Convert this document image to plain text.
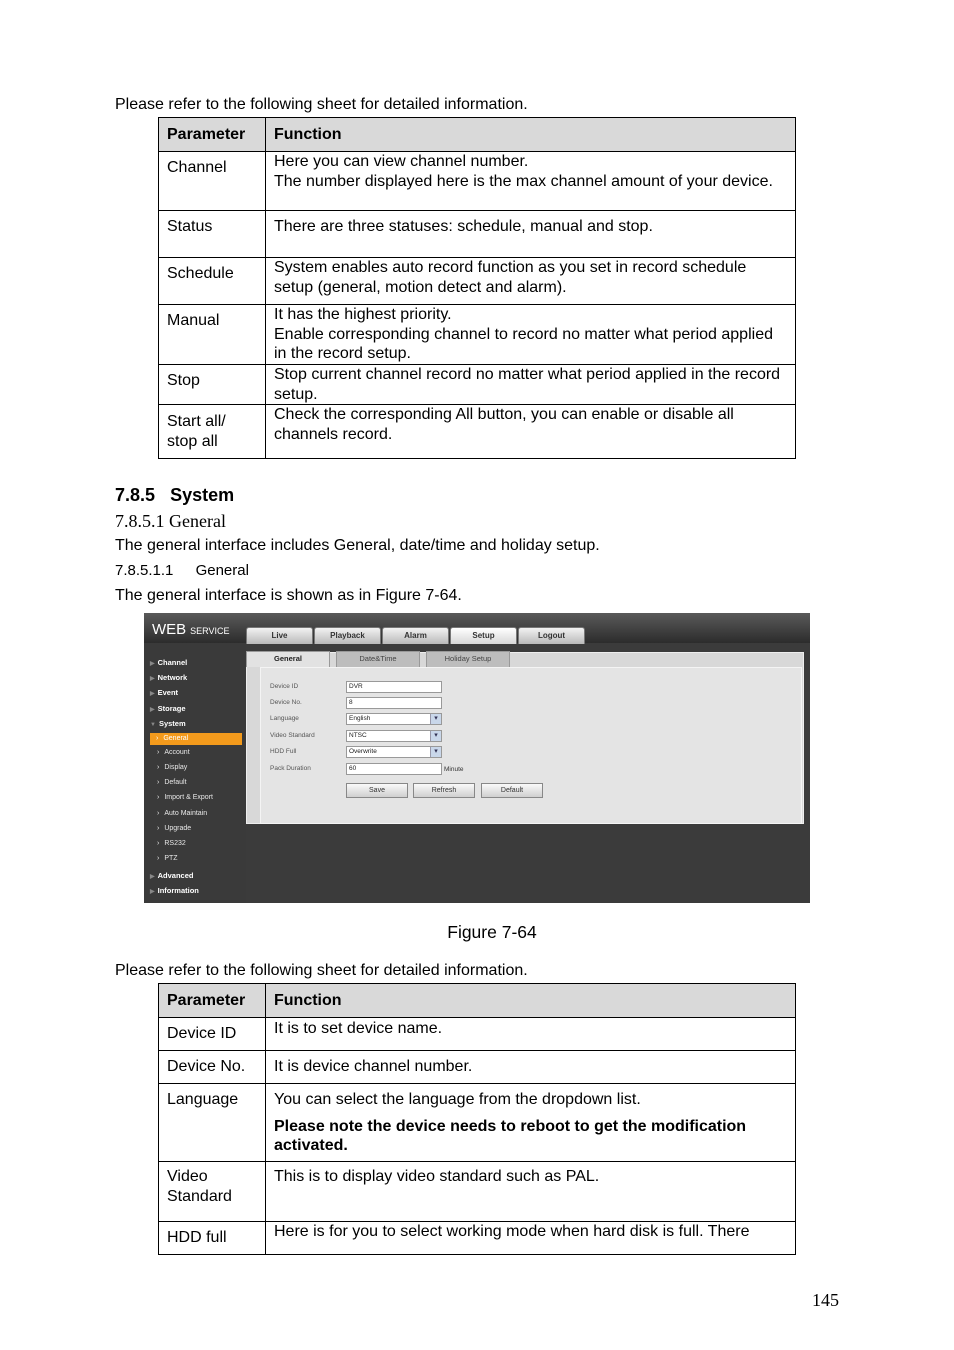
Please refer to the following sheet for detailed information.
Parameter	Function
Channel	Here you can view channel number.
The number displayed here is the max channel amount of your device.

Status	There are three statuses: schedule, manual and stop.
Schedule	System enables auto record function as you set in record schedule setup (general, motion detect and alarm).
Manual	It has the highest priority.
Enable corresponding channel to record no matter what period applied in the record setup.

Stop	Stop current channel record no matter what period applied in the record setup.
Start all/ stop all	Check the corresponding All button, you can enable or disable all channels record.
7.8.5 System
7.8.5.1 General
The general interface includes General, date/time and holiday setup.
7.8.5.1.1 General
The general interface is shown as in Figure 7-64.
WEB SERVICE	Live	Playback	Alarm	Setup	Logout
▶ Channel
▶ Network
▶ Event
▶ Storage
▼ System
› General
› Account
› Display
› Default
› Import & Export
› Auto Maintain
› Upgrade
› RS232
› PTZ
▶ Advanced
▶ Information
General	Date&Time	Holiday Setup
Device ID	DVR
Device No.	8
Language	English ▾
Video Standard	NTSC ▾
HDD Full	Overwrite ▾
Pack Duration	60	Minute
Save	Refresh	Default
Figure 7-64
Please refer to the following sheet for detailed information.
Parameter	Function
Device ID	It is to set device name.
Device No.	It is device channel number.
Language	You can select the language from the dropdown list.
Please note the device needs to reboot to get the modification activated.

Video Standard	This is to display video standard such as PAL.
HDD full	Here is for you to select working mode when hard disk is full. There
145
